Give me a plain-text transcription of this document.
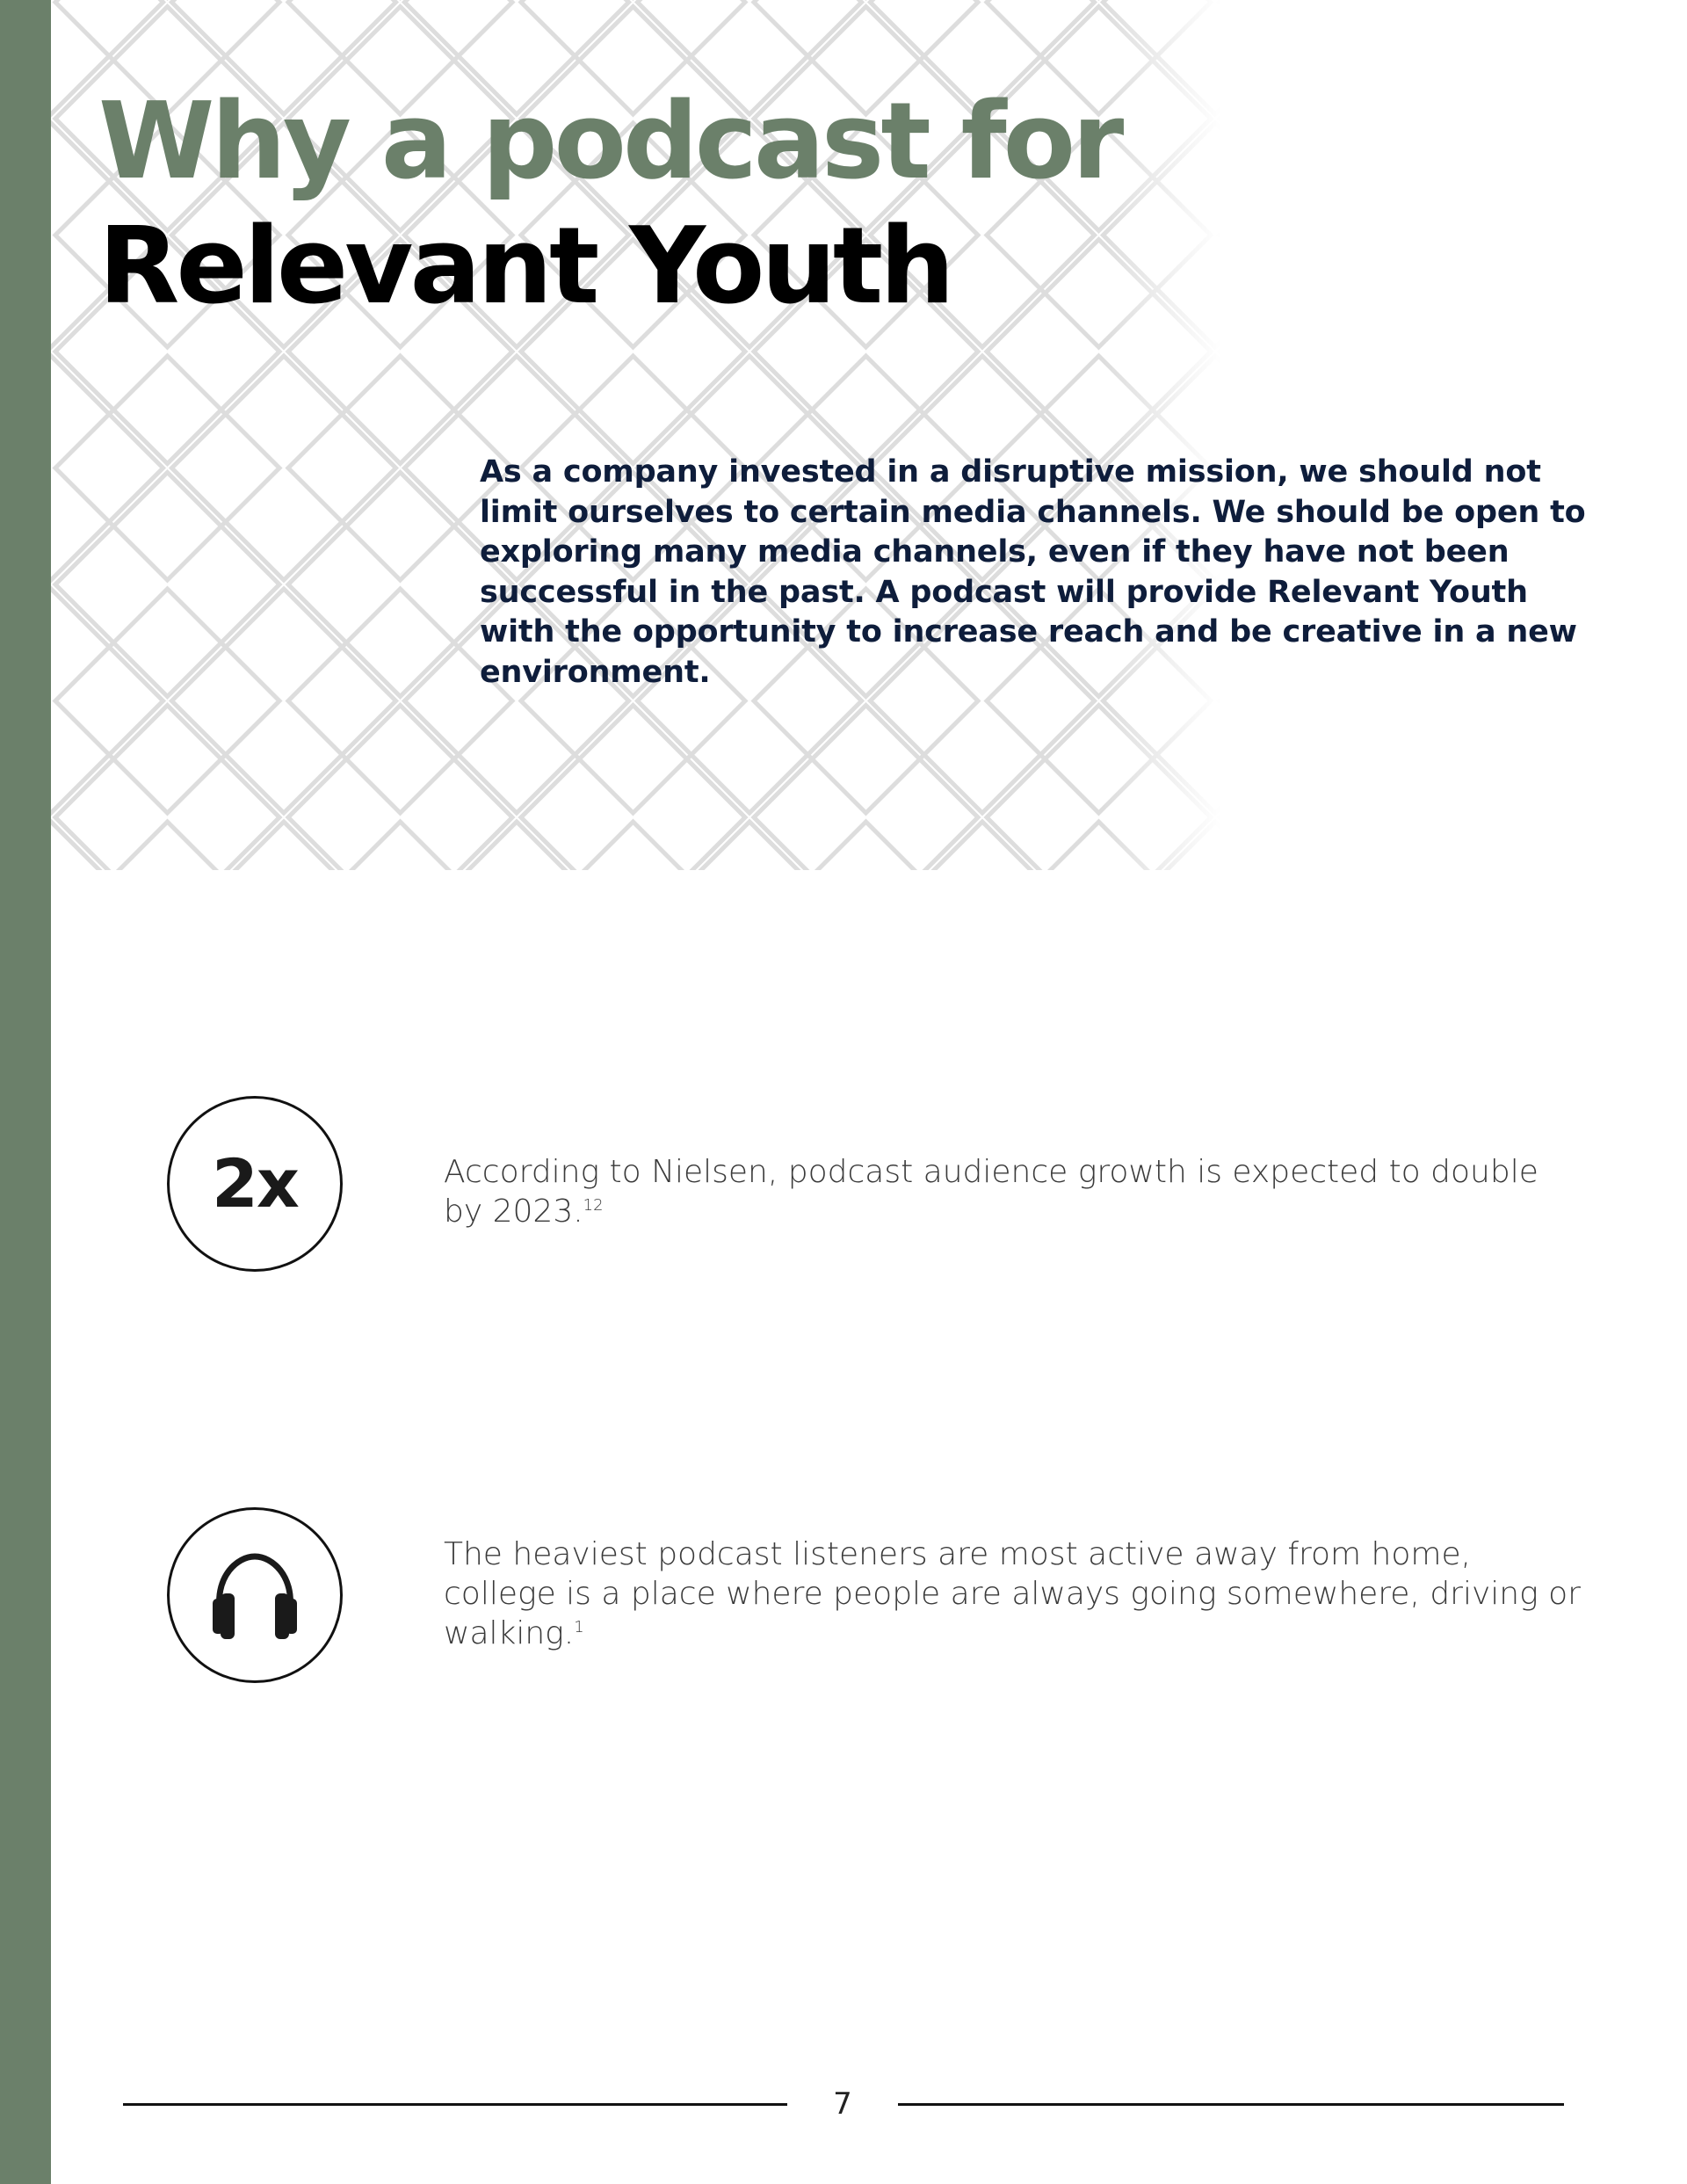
Why a podcast for
Relevant Youth

As a company invested in a disruptive mission, we should not limit ourselves to certain media channels. We should be open to exploring many media channels, even if they have not been successful in the past. A podcast will provide Relevant Youth with the opportunity to increase reach and be creative in a new environment.

2x	According to Nielsen, podcast audience growth is expected to double by 2023.12

The heaviest podcast listeners are most active away from home, college is a place where people are always going somewhere, driving or walking.$^1$

7
